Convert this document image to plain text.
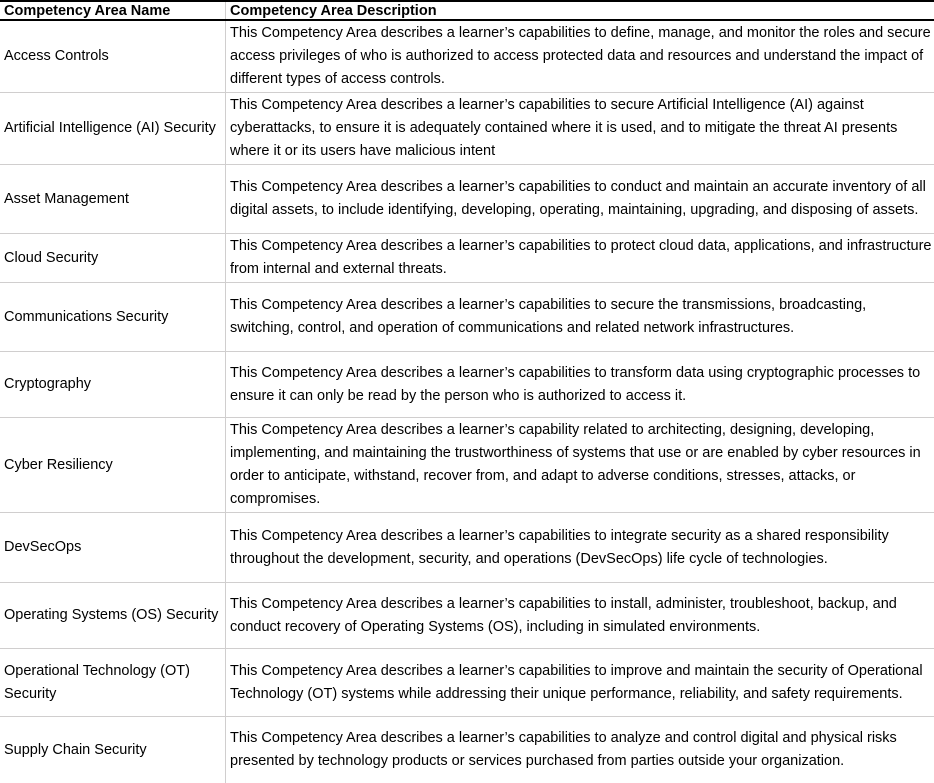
Competency Area Name	Competency Area Description
Access Controls
This Competency Area describes a learner’s capabilities to define, manage, and monitor the roles and secure access privileges of who is authorized to access protected data and resources and understand the impact of different types of access controls.
Artificial Intelligence (AI) Security
This Competency Area describes a learner’s capabilities to secure Artificial Intelligence (AI) against cyberattacks, to ensure it is adequately contained where it is used, and to mitigate the threat AI presents where it or its users have malicious intent
Asset Management
This Competency Area describes a learner’s capabilities to conduct and maintain an accurate inventory of all digital assets, to include identifying, developing, operating, maintaining, upgrading, and disposing of assets.
Cloud Security
This Competency Area describes a learner’s capabilities to protect cloud data, applications, and infrastructure from internal and external threats.
Communications Security
This Competency Area describes a learner’s capabilities to secure the transmissions, broadcasting, switching, control, and operation of communications and related network infrastructures.
Cryptography
This Competency Area describes a learner’s capabilities to transform data using cryptographic processes to ensure it can only be read by the person who is authorized to access it.
Cyber Resiliency
This Competency Area describes a learner’s capability related to architecting, designing, developing, implementing, and maintaining the trustworthiness of systems that use or are enabled by cyber resources in order to anticipate, withstand, recover from, and adapt to adverse conditions, stresses, attacks, or compromises.
DevSecOps
This Competency Area describes a learner’s capabilities to integrate security as a shared responsibility throughout the development, security, and operations (DevSecOps) life cycle of technologies.
Operating Systems (OS) Security
This Competency Area describes a learner’s capabilities to install, administer, troubleshoot, backup, and conduct recovery of Operating Systems (OS), including in simulated environments.
Operational Technology (OT) Security
This Competency Area describes a learner’s capabilities to improve and maintain the security of Operational Technology (OT) systems while addressing their unique performance, reliability, and safety requirements.
Supply Chain Security
This Competency Area describes a learner’s capabilities to analyze and control digital and physical risks presented by technology products or services purchased from parties outside your organization.
